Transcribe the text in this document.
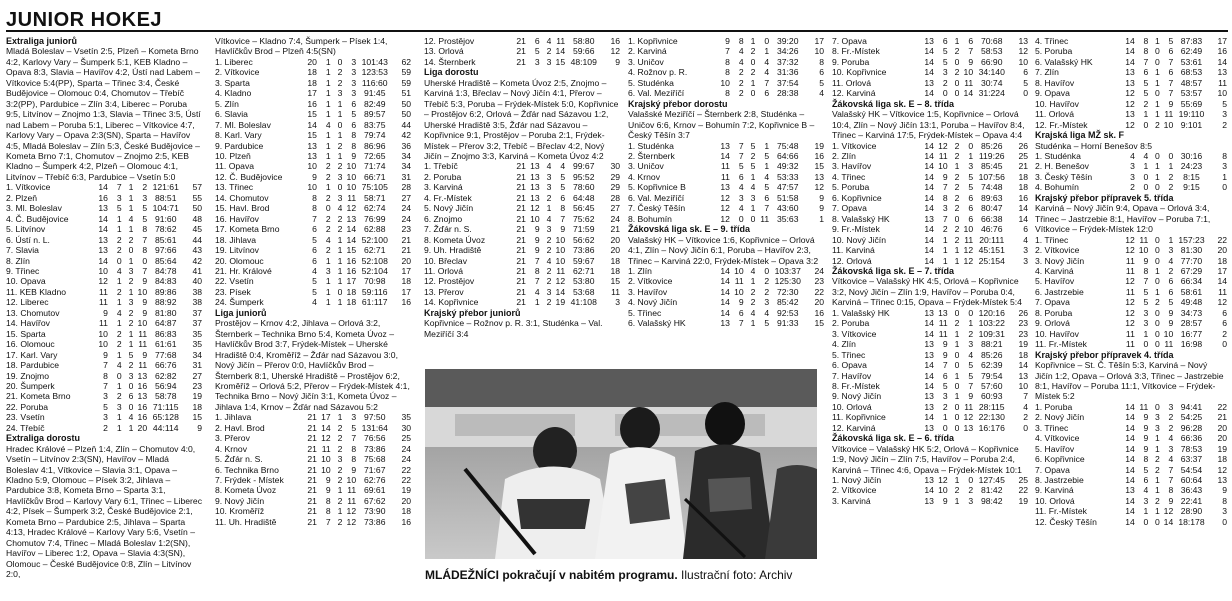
JUNIOR HOKEJ
Extraliga juniorů
Mladá Boleslav – Vsetín 2:5, Plzeň – Kometa Brno 4:2, Karlovy Vary – Šumperk 5:1, KEB Kladno – Opava 8:3, Slavia – Havířov 4:2, Ústí nad Labem – Vítkovice 5:4(PP), Sparta – Třinec 3:4, České Budějovice – Olomouc 0:4, Chomutov – Třebíč 3:2(PP), Pardubice – Zlín 3:4, Liberec – Poruba 9:5, Litvínov – Znojmo 1:3, Slavia – Třinec 3:5, Ústí nad Labem – Poruba 5:1, Liberec – Vítkovice 4:7, Karlovy Vary – Opava 2:3(SN), Sparta – Havířov 4:5, Mladá Boleslav – Zlín 5:3, České Budějovice – Kometa Brno 7:1, Chomutov – Znojmo 2:5, KEB Kladno – Šumperk 4:2, Plzeň – Olomouc 4:1, Litvínov – Třebíč 6:3, Pardubice – Vsetín 5:0
1. Vítkovice	14	7	1	2	121:61	57
2. Plzeň	16	3	1	3	88:51	55
3. Ml. Boleslav	13	5	1	5	104:71	50
4. Č. Budějovice	14	1	4	5	91:60	48
5. Litvínov	14	1	1	8	78:62	45
6. Ústí n. L.	13	2	2	7	85:61	44
7. Slavia	13	2	0	8	97:66	43
8. Zlín	14	0	1	0	85:64	42
9. Třinec	10	4	3	7	84:78	41
10. Opava	12	1	2	9	84:83	40
11. KEB Kladno	11	2	1	10	89:86	38
12. Liberec	11	1	3	9	88:92	38
13. Chomutov	9	4	2	9	81:80	37
14. Havířov	11	1	2	10	64:87	37
15. Sparta	10	2	1	11	86:83	35
16. Olomouc	10	2	1	11	61:61	35
17. Karl. Vary	9	1	5	9	77:68	34
18. Pardubice	7	4	2	11	66:76	31
19. Znojmo	8	0	3	13	62:82	27
20. Šumperk	7	1	0	16	56:94	23
21. Kometa Brno	3	2	6	13	58:78	19
22. Poruba	5	3	0	16	71:115	18
23. Vsetín	3	1	4	16	65:128	15
24. Třebíč	2	1	1	20	44:114	9
Extraliga dorostu
Hradec Králové – Plzeň 1:4, Zlín – Chomutov 4:0, Vsetín – Litvínov 2:3(SN), Havířov – Mladá Boleslav 4:1, Vítkovice – Slavia 3:1, Opava – Kladno 5:9, Olomouc – Písek 3:2, Jihlava – Pardubice 3:8, Kometa Brno – Sparta 3:1, Havlíčkův Brod – Karlovy Vary 6:1, Třinec – Liberec 4:2, Písek – Šumperk 3:2, České Budějovice 2:1, Kometa Brno – Pardubice 2:5, Jihlava – Sparta 4:13, Hradec Králové – Karlovy Vary 5:6, Vsetín – Chomutov 7:4, Třinec – Mladá Boleslav 1:2(SN), Havířov – Liberec 1:2, Opava – Slavia 4:3(SN), Olomouc – České Budějovice 0:8, Zlín – Litvínov 2:0,
Vítkovice – Kladno 7:4, Šumperk – Písek 1:4, Havlíčkův Brod – Plzeň 4:5(SN)
1. Liberec	20	1	0	3	101:43	62
2. Vítkovice	18	1	2	3	123:53	59
3. Sparta	18	1	2	3	116:60	59
4. Kladno	17	1	3	3	91:45	51
5. Zlín	16	1	1	6	82:49	50
6. Slavia	15	1	1	5	89:57	50
7. Ml. Boleslav	14	4	0	6	83:75	44
8. Karl. Vary	15	1	1	8	79:74	42
9. Pardubice	13	1	2	8	86:96	36
10. Plzeň	13	1	1	9	72:65	34
11. Opava	10	2	2	10	71:74	34
12. Č. Budějovice	9	2	3	10	66:71	31
13. Třinec	10	1	0	10	75:105	28
14. Chomutov	8	2	3	11	58:71	27
15. Havl. Brod	8	0	4	12	62:74	24
16. Havířov	7	2	2	13	76:99	24
17. Kometa Brno	6	2	2	14	62:88	23
18. Jihlava	5	4	1	14	52:100	21
19. Litvínov	6	2	1	15	62:71	21
20. Olomouc	6	1	1	16	52:108	20
21. Hr. Králové	4	3	1	16	52:104	17
22. Vsetín	5	1	1	17	70:98	18
23. Písek	5	1	0	18	59:116	17
24. Šumperk	4	1	1	18	61:117	16
Liga juniorů
Prostějov – Krnov 4:2, Jihlava – Orlová 3:2, Šternberk – Technika Brno 5:4, Kometa Úvoz – Havlíčkův Brod 3:7, Frýdek-Místek – Uherské Hradiště 0:4, Kroměříž – Žďár nad Sázavou 3:0, Nový Jičín – Přerov 0:0, Havlíčkův Brod – Šternberk 8:1, Uherské Hradiště – Prostějov 6:2, Kroměříž – Orlová 5:2, Přerov – Frýdek-Místek 4:1, Technika Brno – Nový Jičín 3:1, Kometa Úvoz – Jihlava 1:4, Krnov – Žďár nad Sázavou 5:2
1. Jihlava	21	17	1	3	97:50	35
2. Havl. Brod	21	14	2	5	131:64	30
3. Přerov	21	12	2	7	76:56	25
4. Krnov	21	11	2	8	73:86	24
5. Žďár n. S.	21	10	3	8	75:68	24
6. Technika Brno	21	10	2	9	71:67	22
7. Frýdek - Místek	21	9	2	10	62:76	22
8. Kometa Úvoz	21	9	1	11	69:61	19
9. Nový Jičín	21	8	2	11	67:62	20
10. Kroměříž	21	8	1	12	73:90	18
11. Uh. Hradiště	21	7	2	12	73:86	16
12. Prostějov	21	6	4	11	58:80	16
13. Orlová	21	5	2	14	59:66	12
14. Šternberk	21	3	3	15	48:109	9
Liga dorostu
Uherské Hradiště – Kometa Úvoz 2:5, Znojmo – Karviná 1:3, Břeclav – Nový Jičín 4:1, Přerov – Třebíč 5:3, Poruba – Frýdek-Místek 5:0, Kopřivnice – Prostějov 6:2, Orlová – Žďár nad Sázavou 1:2, Uherské Hradiště 3:5, Žďár nad Sázavou – Kopřivnice 9:1, Prostějov – Poruba 2:1, Frýdek-Místek – Přerov 3:2, Třebíč – Břeclav 4:2, Nový Jičín – Znojmo 3:3, Karviná – Kometa Úvoz 4:2
1. Třebíč	21	13	4	4	99:67	30
2. Poruba	21	13	3	5	95:52	29
3. Karviná	21	13	3	5	78:60	29
4. Fr.-Místek	21	13	2	6	64:48	28
5. Nový Jičín	21	12	1	8	56:45	27
6. Znojmo	21	10	4	7	75:62	24
7. Žďár n. S.	21	9	3	9	71:59	21
8. Kometa Úvoz	21	9	2	10	56:62	20
9. Uh. Hradiště	21	9	2	10	73:86	20
10. Břeclav	21	7	4	10	59:67	18
11. Orlová	21	8	2	11	62:71	18
12. Prostějov	21	7	2	12	53:80	15
13. Přerov	21	4	3	14	53:68	11
14. Kopřivnice	21	1	2	19	41:108	3
Krajský přebor juniorů
Kopřivnice – Rožnov p. R. 3:1, Studénka – Val. Meziříčí 3:4
1. Kopřivnice	9	8	1	0	39:20	17
2. Karviná	7	4	2	1	34:26	10
3. Uničov	8	4	0	4	37:32	8
4. Rožnov p. R.	8	2	2	4	31:36	6
5. Studénka	10	2	1	7	37:54	5
6. Val. Meziříčí	8	2	0	6	28:38	4
Krajský přebor dorostu
Valašské Meziříčí – Šternberk 2:8, Studénka – Uničov 6:6, Krnov – Bohumín 7:2, Kopřivnice B – Český Těšín 3:7
1. Studénka	13	7	5	1	75:48	19
2. Šternberk	14	7	2	5	64:66	16
3. Uničov	11	5	5	1	49:32	15
4. Krnov	11	6	1	4	53:33	13
5. Kopřivnice B	13	4	4	5	47:57	12
6. Val. Meziříčí	12	3	3	6	51:58	9
7. Český Těšín	12	4	1	7	43:60	9
8. Bohumín	12	0	0	11	35:63	1
Žákovská liga sk. E – 9. třída
Valašský HK – Vítkovice 1:6, Kopřivnice – Orlová 4:1, Zlín – Nový Jičín 6:1, Poruba – Havířov 2:3, Třinec – Karviná 22:0, Frýdek-Místek – Opava 3:2
1. Zlín	14	10	4	0	103:37	24
2. Vítkovice	14	11	1	2	125:30	23
3. Havířov	14	10	2	2	72:30	22
4. Nový Jičín	14	9	2	3	85:42	20
5. Třinec	14	6	4	4	92:53	16
6. Valašský HK	13	7	1	5	91:33	15
7. Opava	13	6	1	6	70:68	13
8. Fr.-Místek	14	5	2	7	58:53	12
9. Poruba	14	5	0	9	66:90	10
10. Kopřivnice	14	3	2	10	34:140	6
11. Orlová	13	2	0	11	30:74	5
12. Karviná	14	0	0	14	31:224	0
Žákovská liga sk. E – 8. třída
Valašský HK – Vítkovice 1:5, Kopřivnice – Orlová 10:4, Zlín – Nový Jičín 13:1, Poruba – Havířov 8:4, Třinec – Karviná 17:5, Frýdek-Místek – Opava 4:4
1. Vítkovice	14	12	2	0	85:26	26
2. Zlín	14	11	2	1	119:26	25
3. Havířov	14	10	1	3	85:45	21
4. Třinec	14	9	2	5	107:56	18
5. Poruba	14	7	2	5	74:48	18
6. Kopřivnice	14	8	2	6	89:63	16
7. Opava	14	3	2	6	80:47	14
8. Valašský HK	13	7	0	6	66:38	14
9. Fr.-Místek	14	2	2	10	46:76	6
10. Nový Jičín	14	1	2	11	20:111	4
11. Karviná	14	1	1	12	45:151	3
12. Orlová	14	1	1	12	25:154	3
Žákovská liga sk. E – 7. třída
Vítkovice – Valašský HK 4:5, Orlová – Kopřivnice 3:2, Nový Jičín – Zlín 1:9, Havířov – Poruba 0:4, Karviná – Třinec 0:15, Opava – Frýdek-Místek 5:4
1. Valašský HK	13	13	0	0	120:16	26
2. Poruba	14	11	2	1	103:22	23
3. Vítkovice	14	11	1	2	109:31	23
4. Zlín	13	9	1	3	88:21	19
5. Třinec	13	9	0	4	85:26	18
6. Opava	14	7	0	5	62:39	14
7. Havířov	14	6	1	5	79:54	13
8. Fr.-Místek	14	5	0	7	57:60	10
9. Nový Jičín	13	3	1	9	60:93	7
10. Orlová	13	2	0	11	28:115	4
11. Kopřivnice	14	1	0	12	22:130	2
12. Karviná	13	0	0	13	16:176	0
Žákovská liga sk. E – 6. třída
Vítkovice – Valašský HK 5:2, Orlová – Kopřivnice 1:9, Nový Jičín – Zlín 7:5, Havířov – Poruba 2:4, Karviná – Třinec 4:6, Opava – Frýdek-Místek 10:1
1. Nový Jičín	13	12	1	0	127:45	25
2. Vítkovice	14	10	2	2	81:42	22
3. Karviná	13	9	1	3	98:42	19
4. Třinec	14	8	1	5	87:83	17
5. Poruba	14	8	0	6	62:49	16
6. Valašský HK	14	7	0	7	53:61	14
7. Zlín	13	6	1	6	68:53	13
8. Havířov	13	5	1	7	48:57	11
9. Opava	12	5	0	7	53:57	10
10. Havířov	12	2	1	9	55:69	5
11. Orlová	13	1	1	11	19:110	3
12. Fr.-Místek	12	0	2	10	9:101	2
Krajská liga MŽ sk. F
Studénka – Horní Benešov 8:5
1. Studénka	4	4	0	0	30:16	8
2. H. Benešov	3	1	1	1	24:23	3
3. Český Těšín	3	0	1	2	8:15	1
4. Bohumín	2	0	0	2	9:15	0
Krajský přebor přípravek 5. třída
Karviná – Nový Jičín 9:4, Opava – Orlová 3:4, Třinec – Jastrzebie 8:1, Havířov – Poruba 7:1, Vítkovice – Frýdek-Místek 12:0
1. Třinec	12	11	0	1	157:23	22
2. Vítkovice	12	10	0	3	81:30	20
3. Nový Jičín	11	9	0	4	77:70	18
4. Karviná	11	8	1	2	67:29	17
5. Havířov	12	7	0	6	66:34	14
6. Jastrzebie	11	5	1	6	58:61	11
7. Opava	12	5	2	5	49:48	12
8. Poruba	12	3	0	9	34:73	6
9. Orlová	12	3	0	9	28:57	6
10. Havířov	11	1	0	10	16:77	2
11. Fr.-Místek	11	0	0	11	16:98	0
Krajský přebor přípravek 4. třída
Kopřivnice – St. Č. Těšín 5:3, Karviná – Nový Jičín 1:2, Opava – Orlová 3:3, Třinec – Jastrzebie 8:1, Havířov – Poruba 11:1, Vítkovice – Frýdek-Místek 5:2
1. Poruba	14	11	0	3	94:41	22
2. Nový Jičín	14	9	3	2	54:25	21
3. Třinec	14	9	3	2	96:28	20
4. Vítkovice	14	9	1	4	66:36	20
5. Havířov	14	9	1	3	78:53	19
6. Kopřivnice	14	8	2	4	63:37	18
7. Opava	14	5	2	7	54:54	12
8. Jastrzebie	14	6	1	7	60:64	13
9. Karviná	13	4	1	8	36:43	9
10. Orlová	14	3	2	9	22:41	8
11. Fr.-Místek	14	1	1	12	28:90	3
12. Český Těšín	14	0	0	14	18:178	0
MLÁDEŽNÍCI pokračují v nabitém programu. Ilustrační foto: Archiv
